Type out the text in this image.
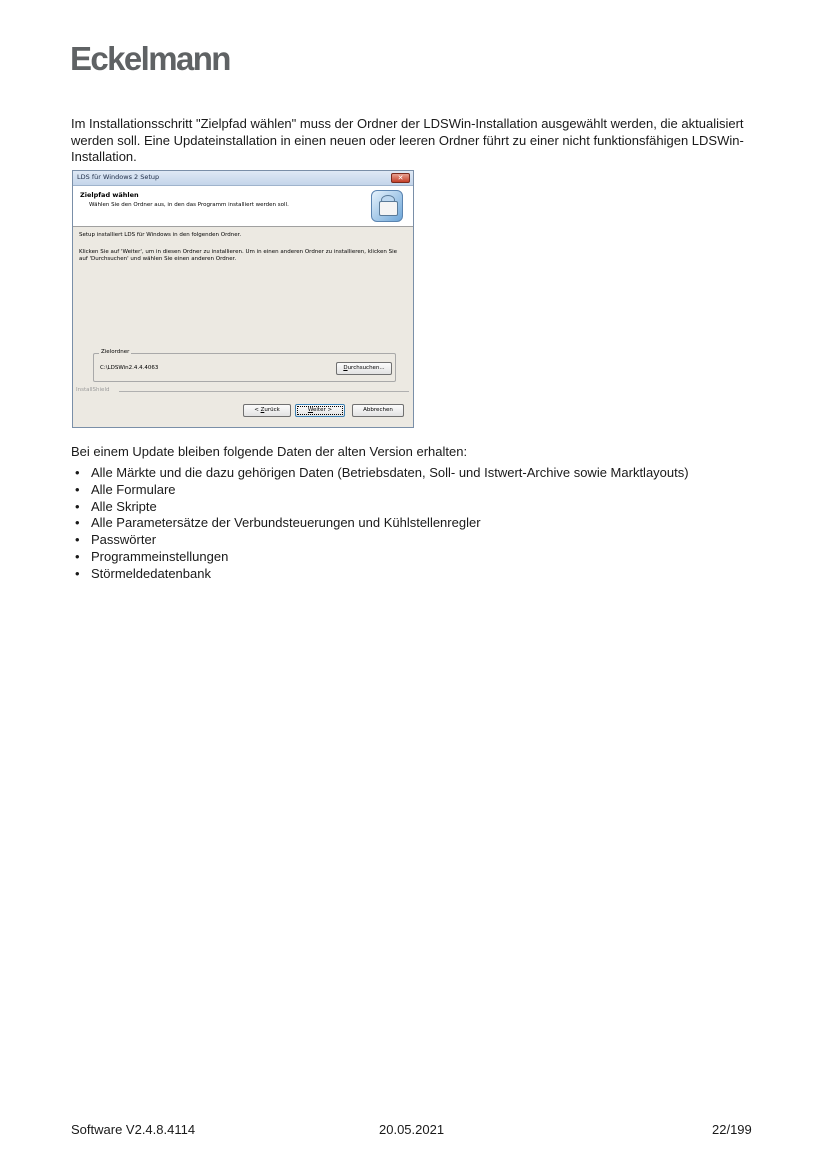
Eckelmann

Im Installationsschritt "Zielpfad wählen" muss der Ordner der LDSWin-Installation ausgewählt werden, die aktualisiert werden soll. Eine Updateinstallation in einen neuen oder leeren Ordner führt zu einer nicht funktionsfähigen LDSWin-Installation.

LDS für Windows 2 Setup	✕
Zielpfad wählen
Wählen Sie den Ordner aus, in den das Programm installiert werden soll.
Setup installiert LDS für Windows in den folgenden Ordner.
Klicken Sie auf 'Weiter', um in diesen Ordner zu installieren. Um in einen anderen Ordner zu installieren, klicken Sie auf 'Durchsuchen' und wählen Sie einen anderen Ordner.
Zielordner
C:\LDSWin2.4.4.4063	Durchsuchen...
InstallShield
< Zurück	Weiter >	Abbrechen

Bei einem Update bleiben folgende Daten der alten Version erhalten:

• Alle Märkte und die dazu gehörigen Daten (Betriebsdaten, Soll- und Istwert-Archive sowie Marktlayouts)
• Alle Formulare
• Alle Skripte
• Alle Parametersätze der Verbundsteuerungen und Kühlstellenregler
• Passwörter
• Programmeinstellungen
• Störmeldedatenbank
Software V2.4.8.4114	20.05.2021	22/199
